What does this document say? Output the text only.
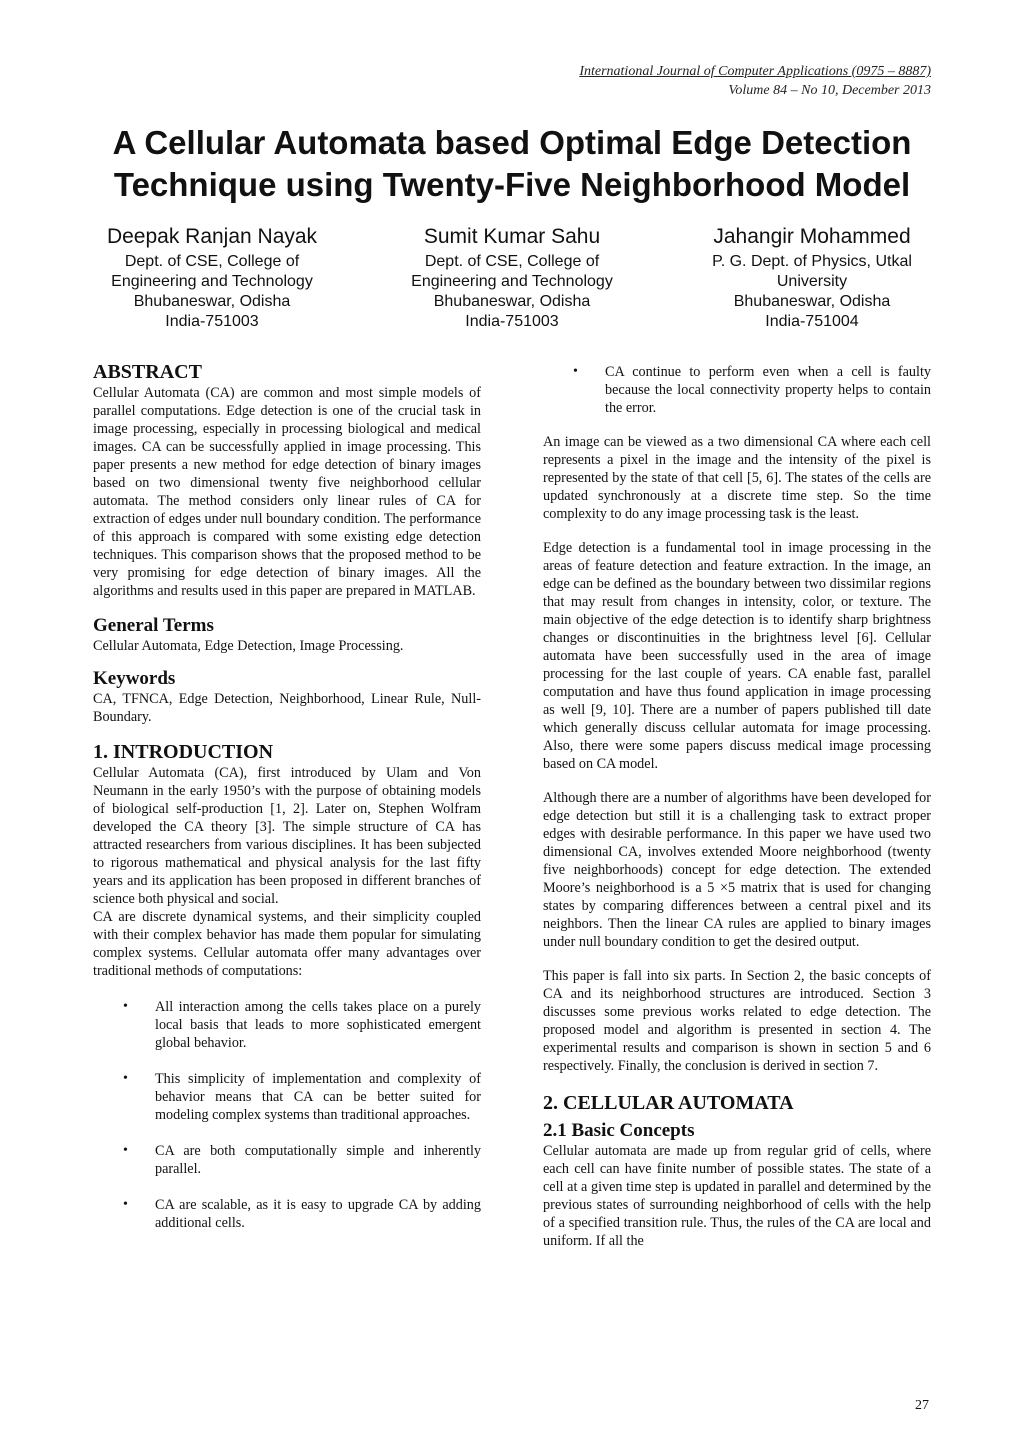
International Journal of Computer Applications (0975 – 8887)
Volume 84 – No 10, December 2013
A Cellular Automata based Optimal Edge Detection
Technique using Twenty-Five Neighborhood Model
Deepak Ranjan Nayak
Dept. of CSE, College of
Engineering and Technology
Bhubaneswar, Odisha
India-751003
Sumit Kumar Sahu
Dept. of CSE, College of
Engineering and Technology
Bhubaneswar, Odisha
India-751003
Jahangir Mohammed
P. G. Dept. of Physics, Utkal
University
Bhubaneswar, Odisha
India-751004
ABSTRACT

Cellular Automata (CA) are common and most simple models of parallel computations. Edge detection is one of the crucial task in image processing, especially in processing biological and medical images. CA can be successfully applied in image processing. This paper presents a new method for edge detection of binary images based on two dimensional twenty five neighborhood cellular automata. The method considers only linear rules of CA for extraction of edges under null boundary condition. The performance of this approach is compared with some existing edge detection techniques. This comparison shows that the proposed method to be very promising for edge detection of binary images. All the algorithms and results used in this paper are prepared in MATLAB.

General Terms

Cellular Automata, Edge Detection, Image Processing.

Keywords

CA, TFNCA, Edge Detection, Neighborhood, Linear Rule, Null- Boundary.

1. INTRODUCTION

Cellular Automata (CA), first introduced by Ulam and Von Neumann in the early 1950’s with the purpose of obtaining models of biological self-production [1, 2]. Later on, Stephen Wolfram developed the CA theory [3]. The simple structure of CA has attracted researchers from various disciplines. It has been subjected to rigorous mathematical and physical analysis for the last fifty years and its application has been proposed in different branches of science both physical and social.

CA are discrete dynamical systems, and their simplicity coupled with their complex behavior has made them popular for simulating complex systems. Cellular automata offer many advantages over traditional methods of computations:

• All interaction among the cells takes place on a purely local basis that leads to more sophisticated emergent global behavior.
• This simplicity of implementation and complexity of behavior means that CA can be better suited for modeling complex systems than traditional approaches.
• CA are both computationally simple and inherently parallel.
• CA are scalable, as it is easy to upgrade CA by adding additional cells.
• CA continue to perform even when a cell is faulty because the local connectivity property helps to contain the error.

An image can be viewed as a two dimensional CA where each cell represents a pixel in the image and the intensity of the pixel is represented by the state of that cell [5, 6]. The states of the cells are updated synchronously at a discrete time step. So the time complexity to do any image processing task is the least.

Edge detection is a fundamental tool in image processing in the areas of feature detection and feature extraction. In the image, an edge can be defined as the boundary between two dissimilar regions that may result from changes in intensity, color, or texture. The main objective of the edge detection is to identify sharp brightness changes or discontinuities in the brightness level [6]. Cellular automata have been successfully used in the area of image processing for the last couple of years. CA enable fast, parallel computation and have thus found application in image processing as well [9, 10]. There are a number of papers published till date which generally discuss cellular automata for image processing. Also, there were some papers discuss medical image processing based on CA model.

Although there are a number of algorithms have been developed for edge detection but still it is a challenging task to extract proper edges with desirable performance. In this paper we have used two dimensional CA, involves extended Moore neighborhood (twenty five neighborhoods) concept for edge detection. The extended Moore’s neighborhood is a 5 ×5 matrix that is used for changing states by comparing differences between a central pixel and its neighbors. Then the linear CA rules are applied to binary images under null boundary condition to get the desired output.

This paper is fall into six parts. In Section 2, the basic concepts of CA and its neighborhood structures are introduced. Section 3 discusses some previous works related to edge detection. The proposed model and algorithm is presented in section 4. The experimental results and comparison is shown in section 5 and 6 respectively. Finally, the conclusion is derived in section 7.

2. CELLULAR AUTOMATA
2.1 Basic Concepts

Cellular automata are made up from regular grid of cells, where each cell can have finite number of possible states. The state of a cell at a given time step is updated in parallel and determined by the previous states of surrounding neighborhood of cells with the help of a specified transition rule. Thus, the rules of the CA are local and uniform. If all the

27
